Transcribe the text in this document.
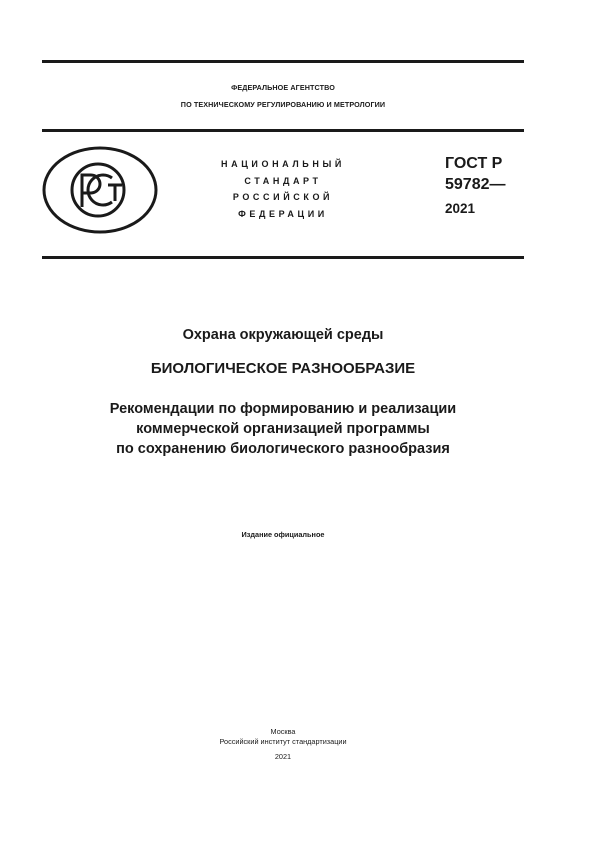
ФЕДЕРАЛЬНОЕ АГЕНТСТВО
ПО ТЕХНИЧЕСКОМУ РЕГУЛИРОВАНИЮ И МЕТРОЛОГИИ
НАЦИОНАЛЬНЫЙ
СТАНДАРТ
РОССИЙСКОЙ
ФЕДЕРАЦИИ
ГОСТ Р
59782—
2021
Охрана окружающей среды
БИОЛОГИЧЕСКОЕ РАЗНООБРАЗИЕ
Рекомендации по формированию и реализации
коммерческой организацией программы
по сохранению биологического разнообразия
Издание официальное
Москва
Российский институт стандартизации
2021
